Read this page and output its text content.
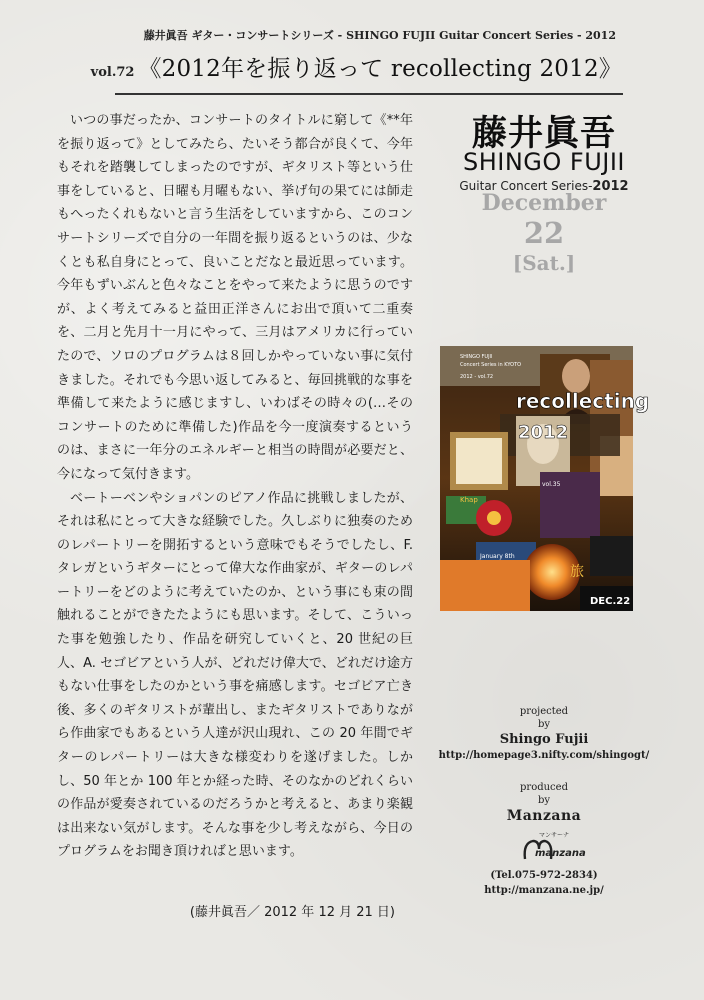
藤井眞吾 ギター・コンサートシリーズ - SHINGO FUJII Guitar Concert Series - 2012
vol.72 《2012年を振り返って recollecting 2012》

いつの事だったか、コンサートのタイトルに窮して《**年を振り返って》としてみたら、たいそう都合が良くて、今年もそれを踏襲してしまったのですが、ギタリスト等という仕事をしていると、日曜も月曜もない、挙げ句の果てには師走もへったくれもないと言う生活をしていますから、このコンサートシリーズで自分の一年間を振り返るというのは、少なくとも私自身にとって、良いことだなと最近思っています。今年もずいぶんと色々なことをやって来たように思うのですが、よく考えてみると益田正洋さんにお出で頂いて二重奏を、二月と先月十一月にやって、三月はアメリカに行っていたので、ソロのプログラムは８回しかやっていない事に気付きました。それでも今思い返してみると、毎回挑戦的な事を準備して来たように感じますし、いわばその時々の(…そのコンサートのために準備した)作品を今一度演奏するというのは、まさに一年分のエネルギーと相当の時間が必要だと、今になって気付きます。

ベートーベンやショパンのピアノ作品に挑戦しましたが、それは私にとって大きな経験でした。久しぶりに独奏のためのレパートリーを開拓するという意味でもそうでしたし、F. タレガというギターにとって偉大な作曲家が、ギターのレパートリーをどのように考えていたのか、という事にも束の間触れることができたたようにも思います。そして、こういった事を勉強したり、作品を研究していくと、20 世紀の巨人、A. セゴビアという人が、どれだけ偉大で、どれだけ途方もない仕事をしたのかという事を痛感します。セゴビア亡き後、多くのギタリストが輩出し、またギタリストでありながら作曲家でもあるという人達が沢山現れ、この 20 年間でギターのレパートリーは大きな様変わりを遂げました。しかし、50 年とか 100 年とか経った時、そのなかのどれくらいの作品が愛奏されているのだろうかと考えると、あまり楽観は出来ない気がします。そんな事を少し考えながら、今日のプログラムをお聞き頂ければと思います。

(藤井眞吾／ 2012 年 12 月 21 日)
藤井眞吾
SHINGO FUJII
Guitar Concert Series-2012
December
22
[Sat.]
SHINGO FUJII
Concert Series in KYOTO
2012 - vol.72
recollecting
2012
vol.35
Khap
January 8th
旅
DEC.22
projected
by
Shingo Fujii
http://homepage3.nifty.com/shingogt/
produced
by
Manzana
マンサーナ
manzana
(Tel.075-972-2834)
http://manzana.ne.jp/
